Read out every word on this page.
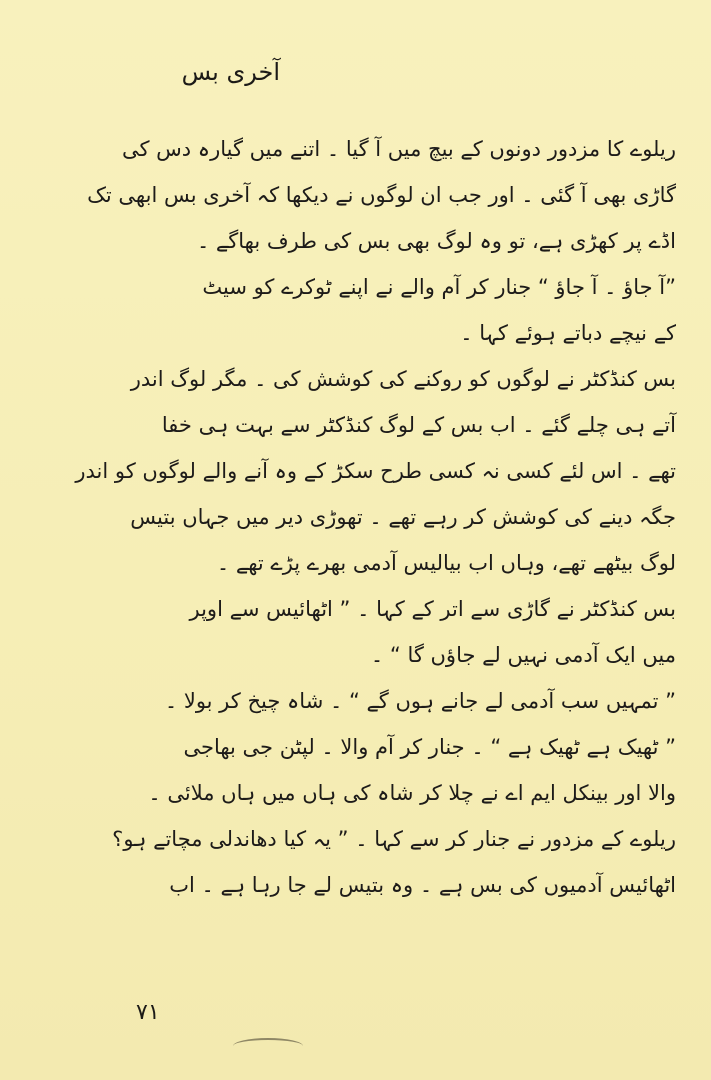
آخری بس
ریلوے کا مزدور دونوں کے بیچ میں آ گیا ۔ اتنے میں گیارہ دس کی
گاڑی بھی آ گئی ۔ اور جب ان لوگوں نے دیکھا کہ آخری بس ابھی تک
اڈے پر کھڑی ہے، تو وہ لوگ بھی بس کی طرف بھاگے ۔
”آ جاؤ ۔ آ جاؤ “ جنار کر آم والے نے اپنے ٹوکرے کو سیٹ
کے نیچے دباتے ہوئے کہا ۔
بس کنڈکٹر نے لوگوں کو روکنے کی کوشش کی ۔ مگر لوگ اندر
آتے ہی چلے گئے ۔ اب بس کے لوگ کنڈکٹر سے بہت ہی خفا
تھے ۔ اس لئے کسی نہ کسی طرح سکڑ کے وہ آنے والے لوگوں کو اندر
جگہ دینے کی کوشش کر رہے تھے ۔ تھوڑی دیر میں جہاں بتیس
لوگ بیٹھے تھے، وہاں اب بیالیس آدمی بھرے پڑے تھے ۔
بس کنڈکٹر نے گاڑی سے اتر کے کہا ۔ ” اٹھائیس سے اوپر
میں ایک آدمی نہیں لے جاؤں گا “ ۔
” تمہیں سب آدمی لے جانے ہوں گے “ ۔ شاہ چیخ کر بولا ۔
” ٹھیک ہے ٹھیک ہے “ ۔ جنار کر آم والا ۔ لپٹن جی بھاجی
والا اور بینکل ایم اے نے چلا کر شاہ کی ہاں میں ہاں ملائی ۔
ریلوے کے مزدور نے جنار کر سے کہا ۔ ” یہ کیا دھاندلی مچاتے ہو؟
اٹھائیس آدمیوں کی بس ہے ۔ وہ بتیس لے جا رہا ہے ۔ اب
۷۱
